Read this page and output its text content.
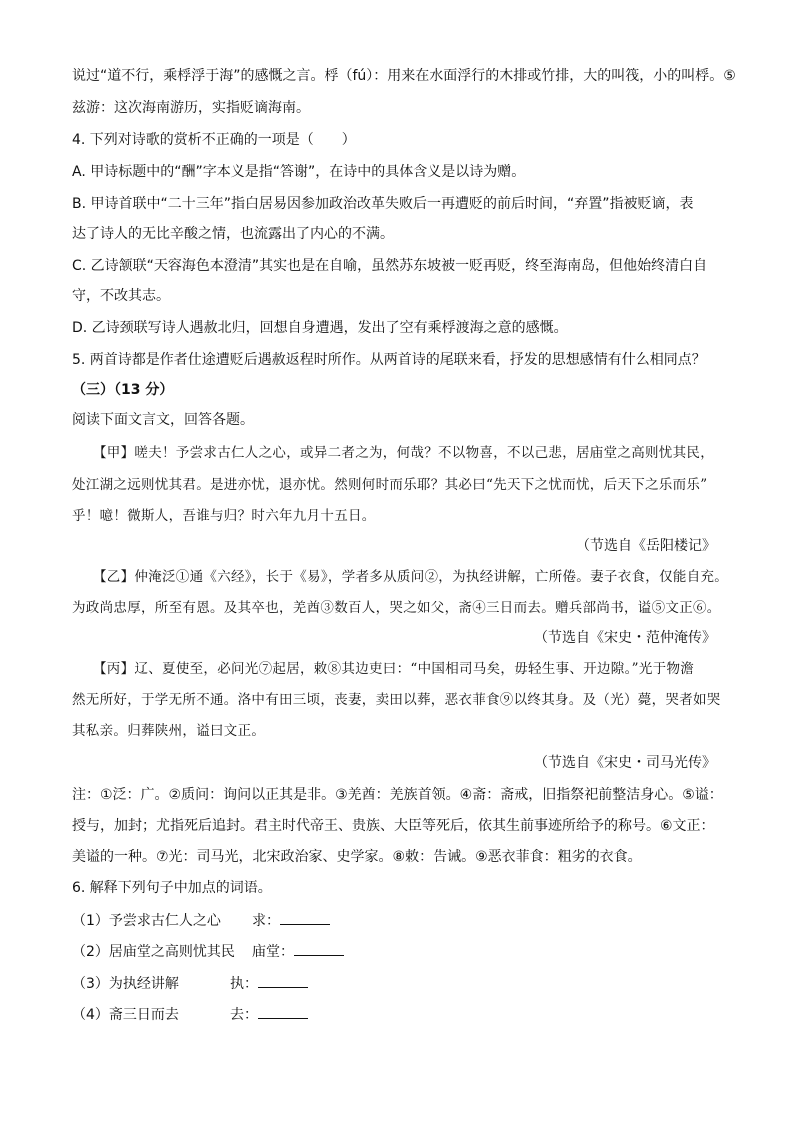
说过“道不行，乘桴浮于海”的感慨之言。桴（fú）：用来在水面浮行的木排或竹排，大的叫筏，小的叫桴。⑤
兹游：这次海南游历，实指贬谪海南。
4. 下列对诗歌的赏析不正确的一项是（　　）
A. 甲诗标题中的“酬”字本义是指“答谢”，在诗中的具体含义是以诗为赠。
B. 甲诗首联中“二十三年”指白居易因参加政治改革失败后一再遭贬的前后时间，“弃置”指被贬谪，表
达了诗人的无比辛酸之情，也流露出了内心的不满。
C. 乙诗颔联“天容海色本澄清”其实也是在自喻，虽然苏东坡被一贬再贬，终至海南岛，但他始终清白自
守，不改其志。
D. 乙诗颈联写诗人遇赦北归，回想自身遭遇，发出了空有乘桴渡海之意的感慨。
5. 两首诗都是作者仕途遭贬后遇赦返程时所作。从两首诗的尾联来看，抒发的思想感情有什么相同点？
（三）（13 分）
阅读下面文言文，回答各题。
【甲】嗟夫！予尝求古仁人之心，或异二者之为，何哉？不以物喜，不以己悲，居庙堂之高则忧其民，
处江湖之远则忧其君。是进亦忧，退亦忧。然则何时而乐耶？其必曰“先天下之忧而忧，后天下之乐而乐”
乎！噫！微斯人，吾谁与归？时六年九月十五日。
（节选自《岳阳楼记》
【乙】仲淹泛①通《六经》，长于《易》，学者多从质问②，为执经讲解，亡所倦。妻子衣食，仅能自充。
为政尚忠厚，所至有恩。及其卒也，羌酋③数百人，哭之如父，斋④三日而去。赠兵部尚书，谥⑤文正⑥。
（节选自《宋史・范仲淹传》
【丙】辽、夏使至，必问光⑦起居，敕⑧其边吏曰：“中国相司马矣，毋轻生事、开边隙。”光于物澹
然无所好，于学无所不通。洛中有田三顷，丧妻，卖田以葬，恶衣菲食⑨以终其身。及（光）薨，哭者如哭
其私亲。归葬陕州，谥曰文正。
（节选自《宋史・司马光传》
注：①泛：广。②质问：询问以正其是非。③羌酋：羌族首领。④斋：斋戒，旧指祭祀前整洁身心。⑤谥：
授与，加封；尤指死后追封。君主时代帝王、贵族、大臣等死后，依其生前事迹所给予的称号。⑥文正：
美谥的一种。⑦光：司马光，北宋政治家、史学家。⑧敕：告诫。⑨恶衣菲食：粗劣的衣食。
6. 解释下列句子中加点的词语。
（1）予尝求古仁人之心 求：
（2）居庙堂之高则忧其民 庙堂：
（3）为执经讲解	执：
（4）斋三日而去	去：
